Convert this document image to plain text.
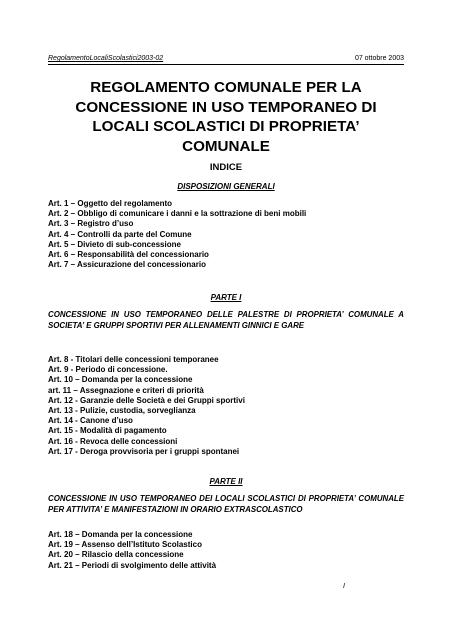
RegolamentoLocaliScolastici2003-02	07 ottobre 2003
REGOLAMENTO COMUNALE PER LA
CONCESSIONE IN USO TEMPORANEO DI
LOCALI SCOLASTICI DI PROPRIETA’
COMUNALE
INDICE
DISPOSIZIONI GENERALI
Art. 1 – Oggetto del regolamento
Art. 2 – Obbligo di comunicare i danni e la sottrazione di beni mobili
Art. 3 – Registro d’uso
Art. 4 – Controlli da parte del Comune
Art. 5 – Divieto di sub-concessione
Art. 6 – Responsabilità del concessionario
Art. 7 – Assicurazione del concessionario
PARTE I
CONCESSIONE IN USO TEMPORANEO DELLE PALESTRE DI PROPRIETA’ COMUNALE A SOCIETA’ E GRUPPI SPORTIVI PER ALLENAMENTI GINNICI E GARE
Art. 8 - Titolari delle concessioni temporanee
Art. 9 - Periodo di concessione.
Art. 10 – Domanda per la concessione
art. 11 – Assegnazione e criteri di priorità
Art. 12 - Garanzie delle Società e dei Gruppi sportivi
Art. 13 - Pulizie, custodia, sorveglianza
Art. 14 - Canone d’uso
Art. 15 - Modalità di pagamento
Art. 16 - Revoca delle concessioni
Art. 17 - Deroga provvisoria per i gruppi spontanei
PARTE II
CONCESSIONE IN USO TEMPORANEO DEI LOCALI SCOLASTICI DI PROPRIETA’ COMUNALE PER ATTIVITA’ E MANIFESTAZIONI IN ORARIO EXTRASCOLASTICO
Art. 18 – Domanda per la concessione
Art. 19 – Assenso dell’Istituto Scolastico
Art. 20 – Rilascio della concessione
Art. 21 – Periodi di svolgimento delle attività
I
